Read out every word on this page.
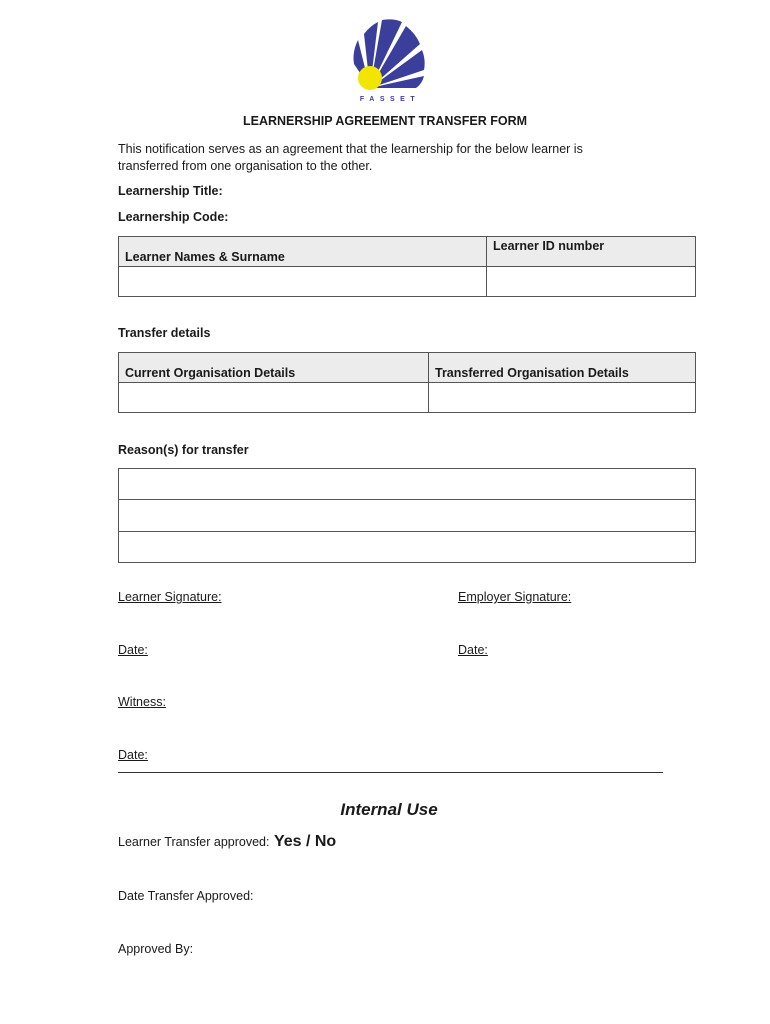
FASSET
LEARNERSHIP AGREEMENT TRANSFER FORM
This notification serves as an agreement that the learnership for the below learner is transferred from one organisation to the other.
Learnership Title:
Learnership Code:
Learner Names & Surname	Learner ID number

Transfer details
Current Organisation Details	Transferred Organisation Details

Reason(s) for transfer

Learner Signature:	Employer Signature:
Date:	Date:
Witness:
Date:
Internal Use
Learner Transfer approved: Yes / No
Date Transfer Approved:
Approved By:
